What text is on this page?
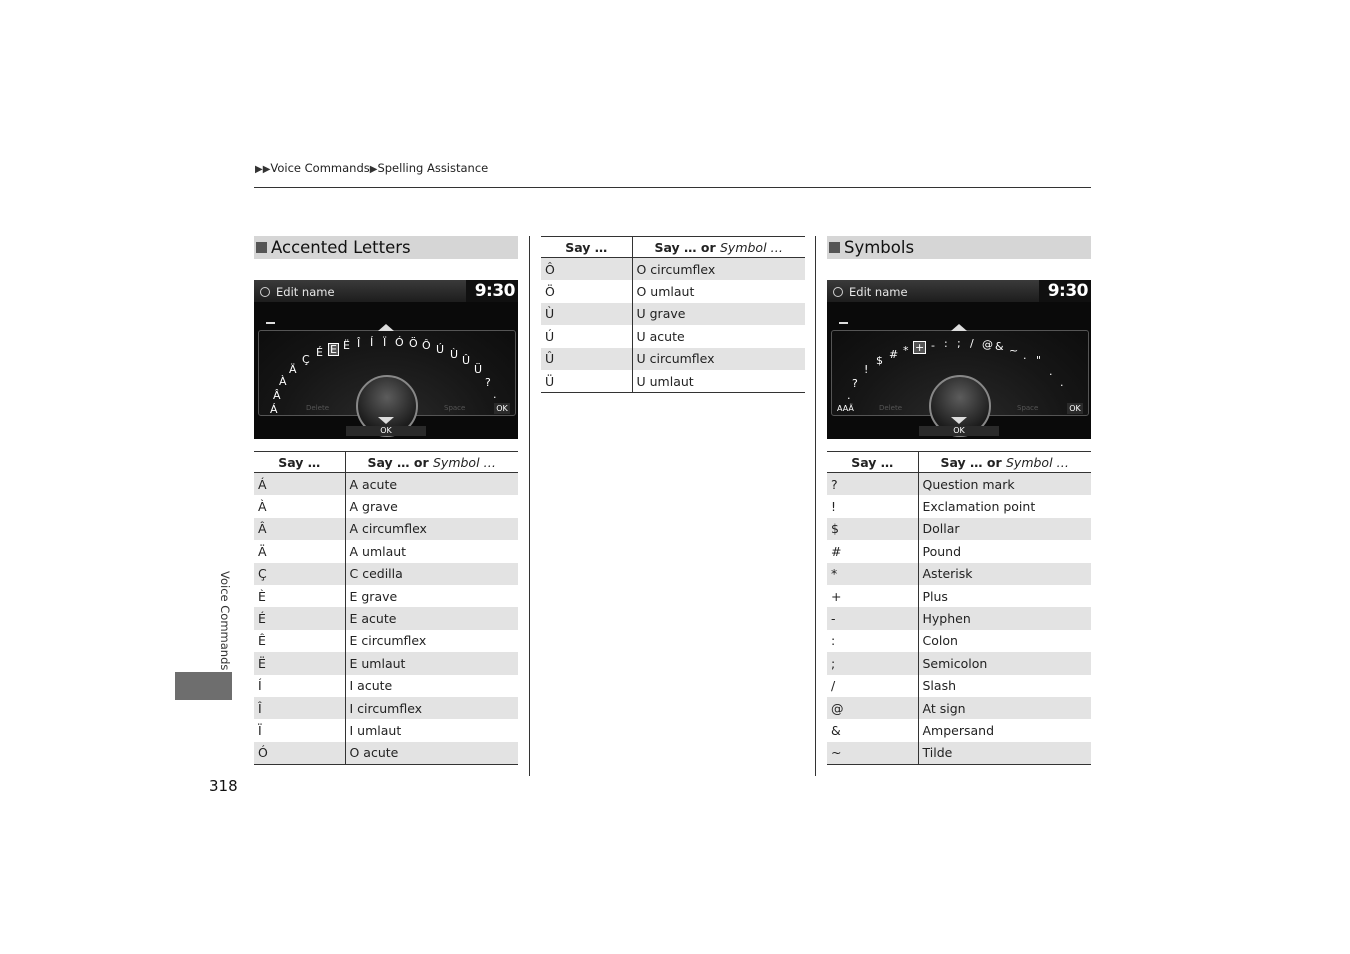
▶▶Voice Commands▶Spelling Assistance
Accented Letters
Edit name	9:30
OK
OK
Delete	Space
Á
Â
À
Ä
Ç
É E Ë Î Í Ï Ó Ö Ô Ú Ù Û
Ü
?
.
Say …	Say … or Symbol …
Á	A acute
À	A grave
Â	A circumflex
Ä	A umlaut
Ç	C cedilla
È	E grave
É	E acute
Ê	E circumflex
Ë	E umlaut
Í	I acute
Î	I circumflex
Ï	I umlaut
Ó	O acute
Say …	Say … or Symbol …
Ô	O circumflex
Ö	O umlaut
Ù	U grave
Ú	U acute
Û	U circumflex
Ü	U umlaut
Symbols
Edit name	9:30
OK
OK
AAÄ	Delete	Space
.
?
!
$ # * + - : ; / @ & ~ . "
.
.
Say …	Say … or Symbol …
?	Question mark
!	Exclamation point
$	Dollar
#	Pound
*	Asterisk
+	Plus
-	Hyphen
:	Colon
;	Semicolon
/	Slash
@	At sign
&	Ampersand
~	Tilde
Voice Commands
318
